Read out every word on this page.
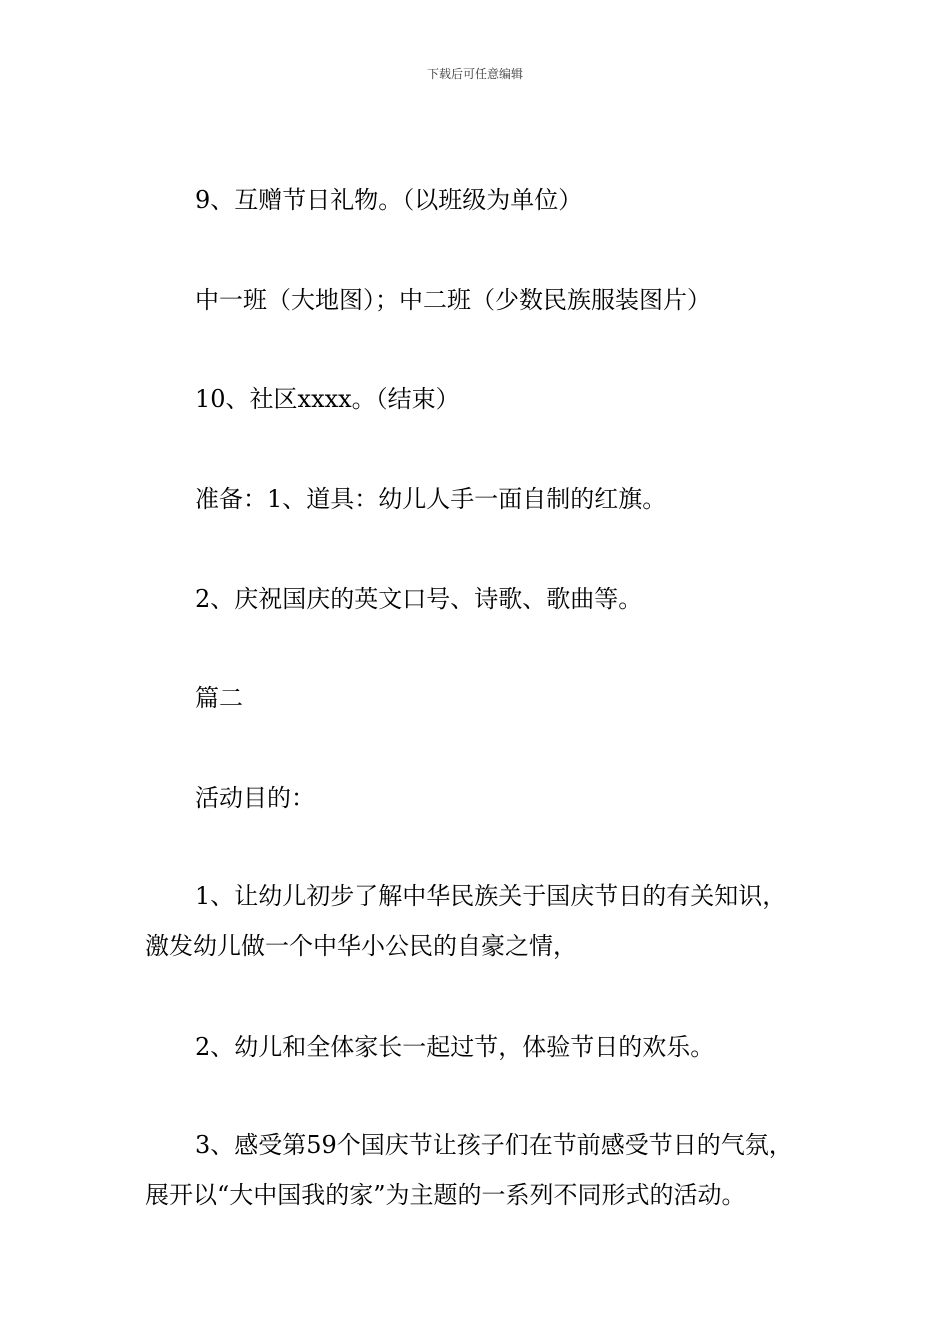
下载后可任意编辑
9、互赠节日礼物。（以班级为单位）
中一班（大地图）；中二班（少数民族服装图片）
10、社区xxxx。（结束）
准备：1、道具：幼儿人手一面自制的红旗。
2、庆祝国庆的英文口号、诗歌、歌曲等。
篇二
活动目的：
1、让幼儿初步了解中华民族关于国庆节日的有关知识，
激发幼儿做一个中华小公民的自豪之情，
2、幼儿和全体家长一起过节，体验节日的欢乐。
3、感受第59个国庆节让孩子们在节前感受节日的气氛，
展开以“大中国我的家”为主题的一系列不同形式的活动。
